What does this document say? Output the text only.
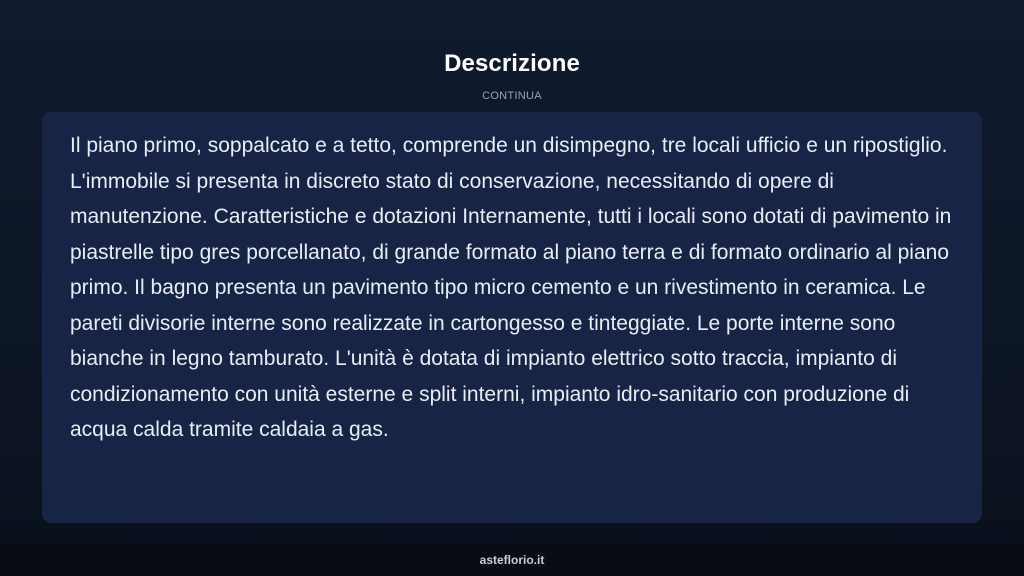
Descrizione
CONTINUA

Il piano primo, soppalcato e a tetto, comprende un disimpegno, tre locali ufficio e un ripostiglio. L'immobile si presenta in discreto stato di conservazione, necessitando di opere di manutenzione. Caratteristiche e dotazioni Internamente, tutti i locali sono dotati di pavimento in piastrelle tipo gres porcellanato, di grande formato al piano terra e di formato ordinario al piano primo. Il bagno presenta un pavimento tipo micro cemento e un rivestimento in ceramica. Le pareti divisorie interne sono realizzate in cartongesso e tinteggiate. Le porte interne sono bianche in legno tamburato. L'unità è dotata di impianto elettrico sotto traccia, impianto di condizionamento con unità esterne e split interni, impianto idro-sanitario con produzione di acqua calda tramite caldaia a gas.

asteflorio.it
